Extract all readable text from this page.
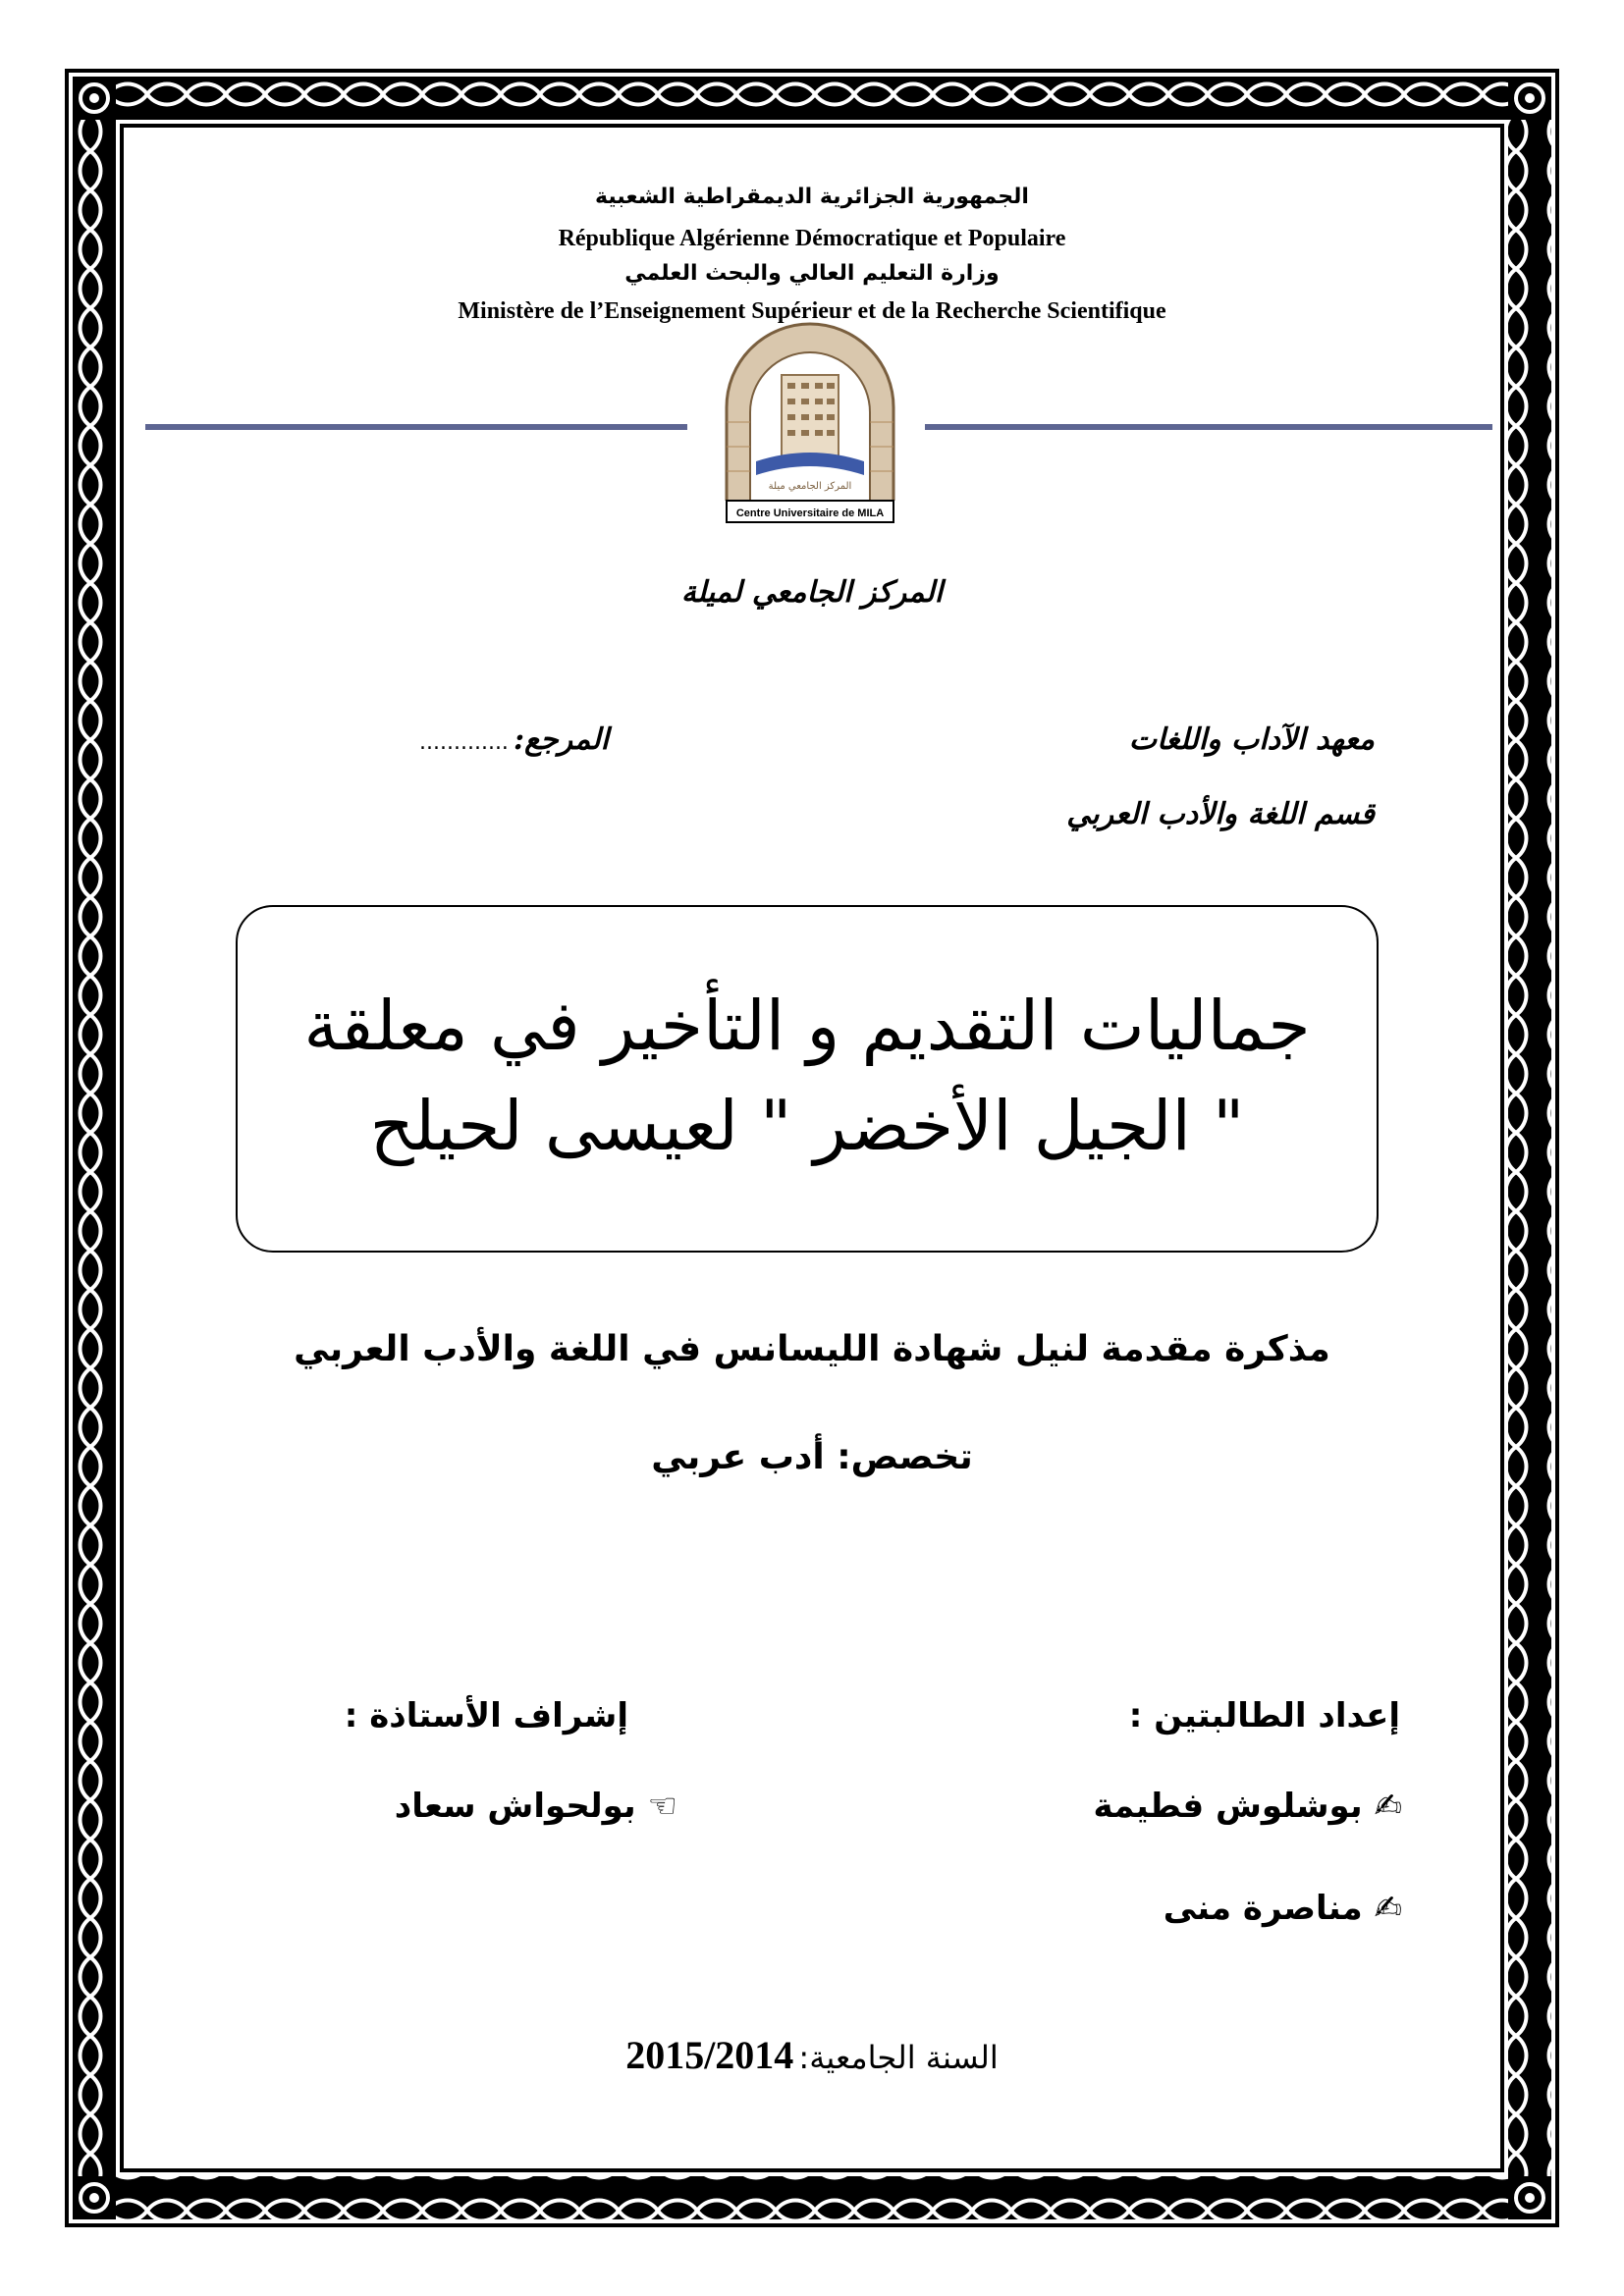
الجمهورية الجزائرية الديمقراطية الشعبية
République Algérienne Démocratique et Populaire
وزارة التعليم العالي والبحث العلمي
Ministère de l’Enseignement Supérieur et de la Recherche Scientifique
المركز الجامعي ميلة
Centre Universitaire de MILA
المركز الجامعي لميلة
معهد الآداب واللغات
قسم اللغة والأدب العربي
المرجع: .............
جماليات التقديم و التأخير في معلقة
" الجيل الأخضر " لعيسى لحيلح
مذكرة مقدمة لنيل شهادة الليسانس في اللغة والأدب العربي
تخصص: أدب عربي
إعداد الطالبتين :
إشراف الأستاذة :
✍ بوشلوش فطيمة
✍ مناصرة منى
☜ بولحواش سعاد
السنة الجامعية: 2015/2014
